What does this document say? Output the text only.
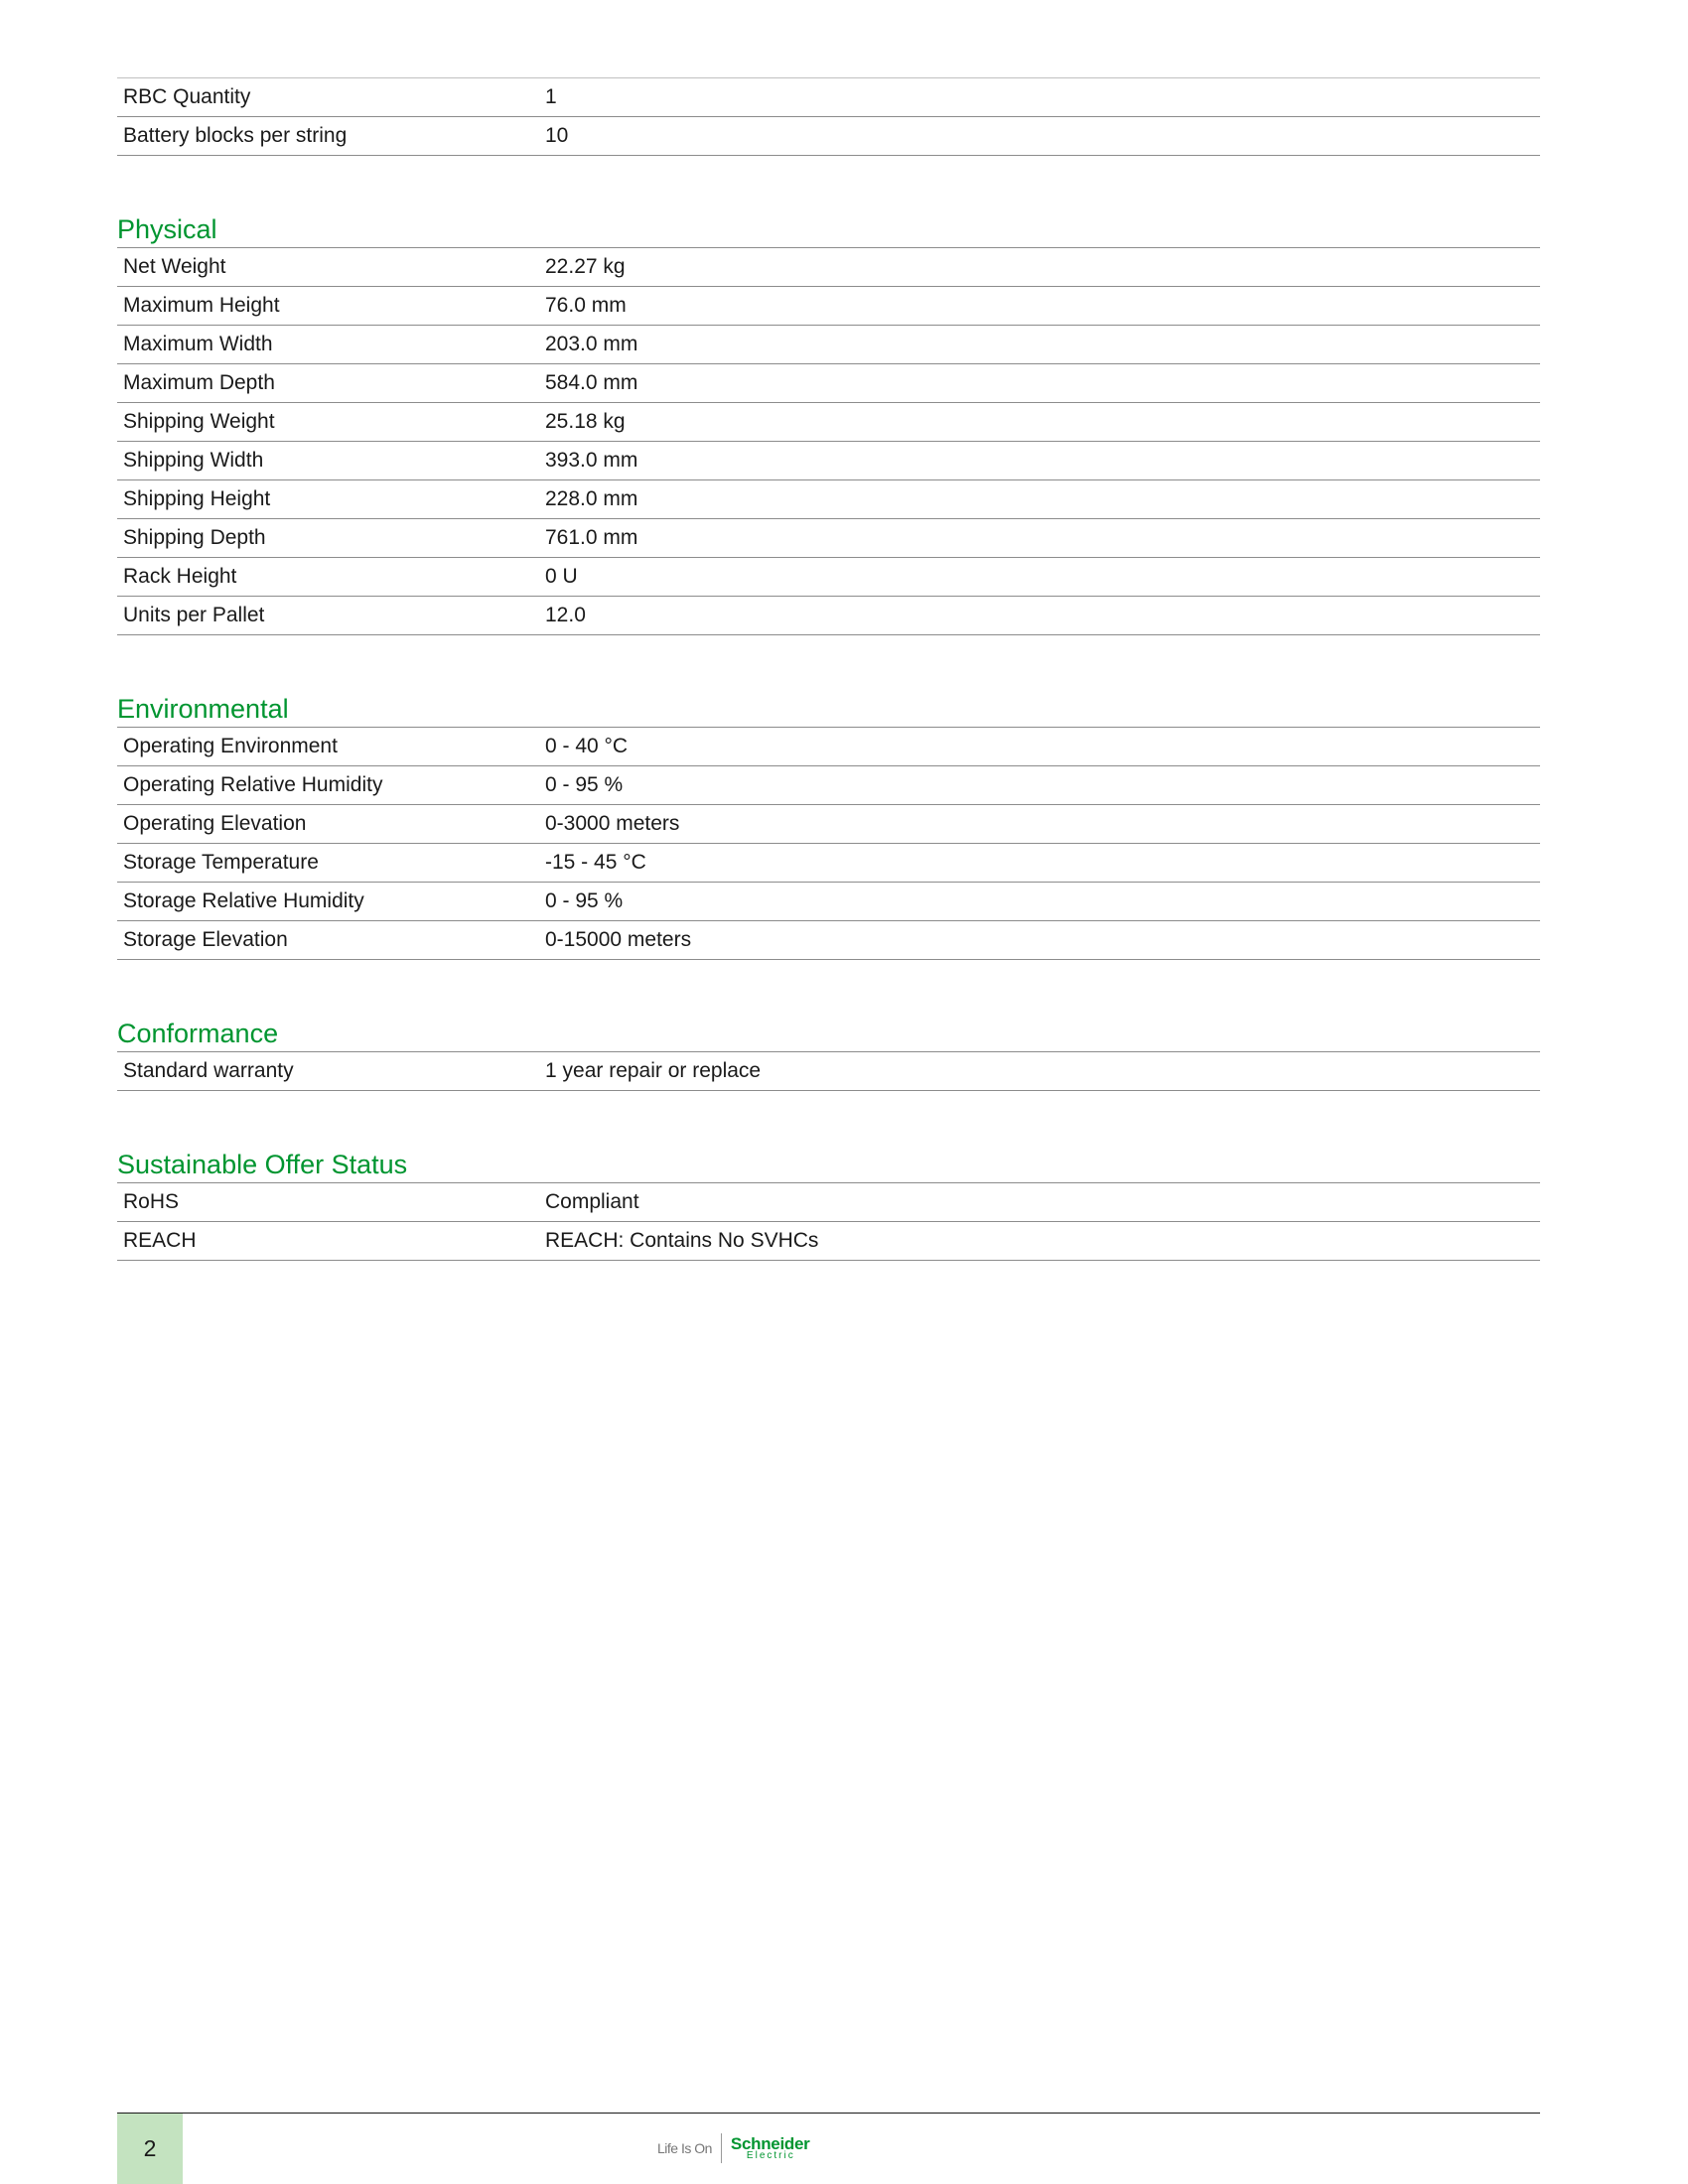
RBC Quantity	1
Battery blocks per string	10
Physical
Net Weight	22.27 kg
Maximum Height	76.0 mm
Maximum Width	203.0 mm
Maximum Depth	584.0 mm
Shipping Weight	25.18 kg
Shipping Width	393.0 mm
Shipping Height	228.0 mm
Shipping Depth	761.0 mm
Rack Height	0 U
Units per Pallet	12.0
Environmental
Operating Environment	0 - 40 °C
Operating Relative Humidity	0 - 95 %
Operating Elevation	0-3000 meters
Storage Temperature	-15 - 45 °C
Storage Relative Humidity	0 - 95 %
Storage Elevation	0-15000 meters
Conformance
Standard warranty	1 year repair or replace
Sustainable Offer Status
RoHS	Compliant
REACH	REACH: Contains No SVHCs
2	Life Is On	Schneider
Electric
